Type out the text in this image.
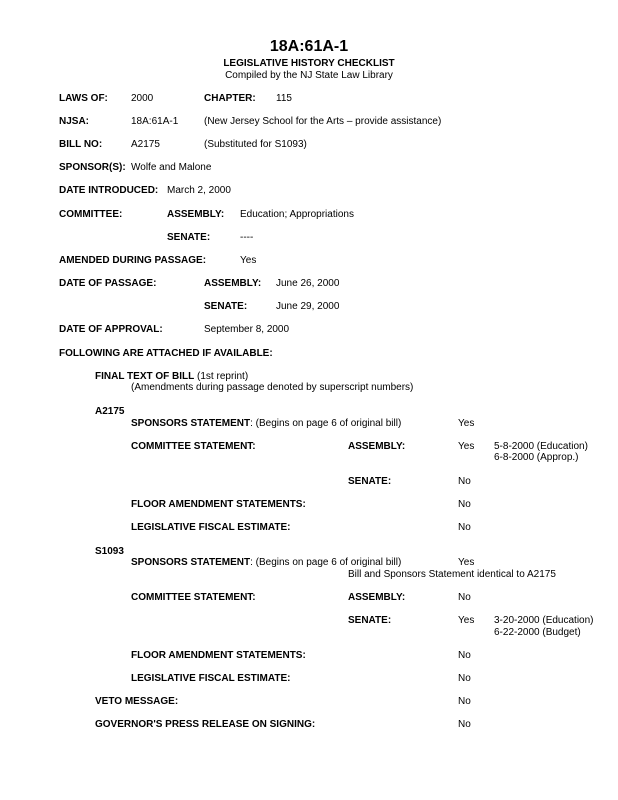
18A:61A-1
LEGISLATIVE HISTORY CHECKLIST
Compiled by the NJ State Law Library
LAWS OF: 2000	CHAPTER: 115
NJSA:	18A:61A-1	(New Jersey School for the Arts – provide assistance)
BILL NO:	A2175	(Substituted for S1093)
SPONSOR(S): Wolfe and Malone
DATE INTRODUCED: March 2, 2000
COMMITTEE:	ASSEMBLY: Education; Appropriations
SENATE:	----
AMENDED DURING PASSAGE:	Yes
DATE OF PASSAGE:	ASSEMBLY: June 26, 2000
SENATE:	June 29, 2000
DATE OF APPROVAL:	September 8, 2000
FOLLOWING ARE ATTACHED IF AVAILABLE:
FINAL TEXT OF BILL (1st reprint)
(Amendments during passage denoted by superscript numbers)
A2175
SPONSORS STATEMENT: (Begins on page 6 of original bill)	Yes
COMMITTEE STATEMENT:	ASSEMBLY:	Yes 5-8-2000 (Education)
6-8-2000 (Approp.)
SENATE:	No
FLOOR AMENDMENT STATEMENTS:	No
LEGISLATIVE FISCAL ESTIMATE:	No
S1093
SPONSORS STATEMENT: (Begins on page 6 of original bill)	Yes
Bill and Sponsors Statement identical to A2175
COMMITTEE STATEMENT:	ASSEMBLY:	No
SENATE:	Yes 3-20-2000 (Education)
6-22-2000 (Budget)
FLOOR AMENDMENT STATEMENTS:	No
LEGISLATIVE FISCAL ESTIMATE:	No
VETO MESSAGE:	No
GOVERNOR'S PRESS RELEASE ON SIGNING:	No
